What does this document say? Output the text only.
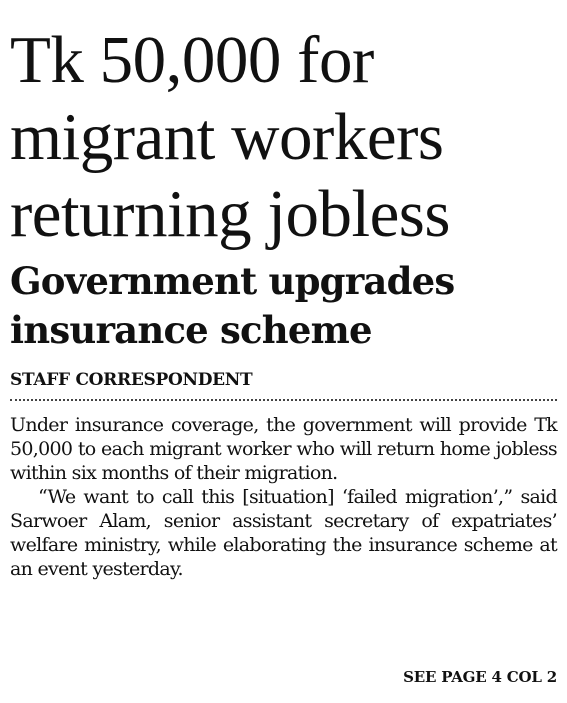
Tk 50,000 for
migrant workers
returning jobless
Government upgrades
insurance scheme
STAFF CORRESPONDENT

Under insurance coverage, the government will provide Tk 50,000 to each migrant worker who will return home jobless within six months of their migration.

“We want to call this [situation] ‘failed migration’,” said Sarwoer Alam, senior assistant secretary of expatriates’ welfare ministry, while elaborating the insurance scheme at an event yesterday.

SEE PAGE 4 COL 2
